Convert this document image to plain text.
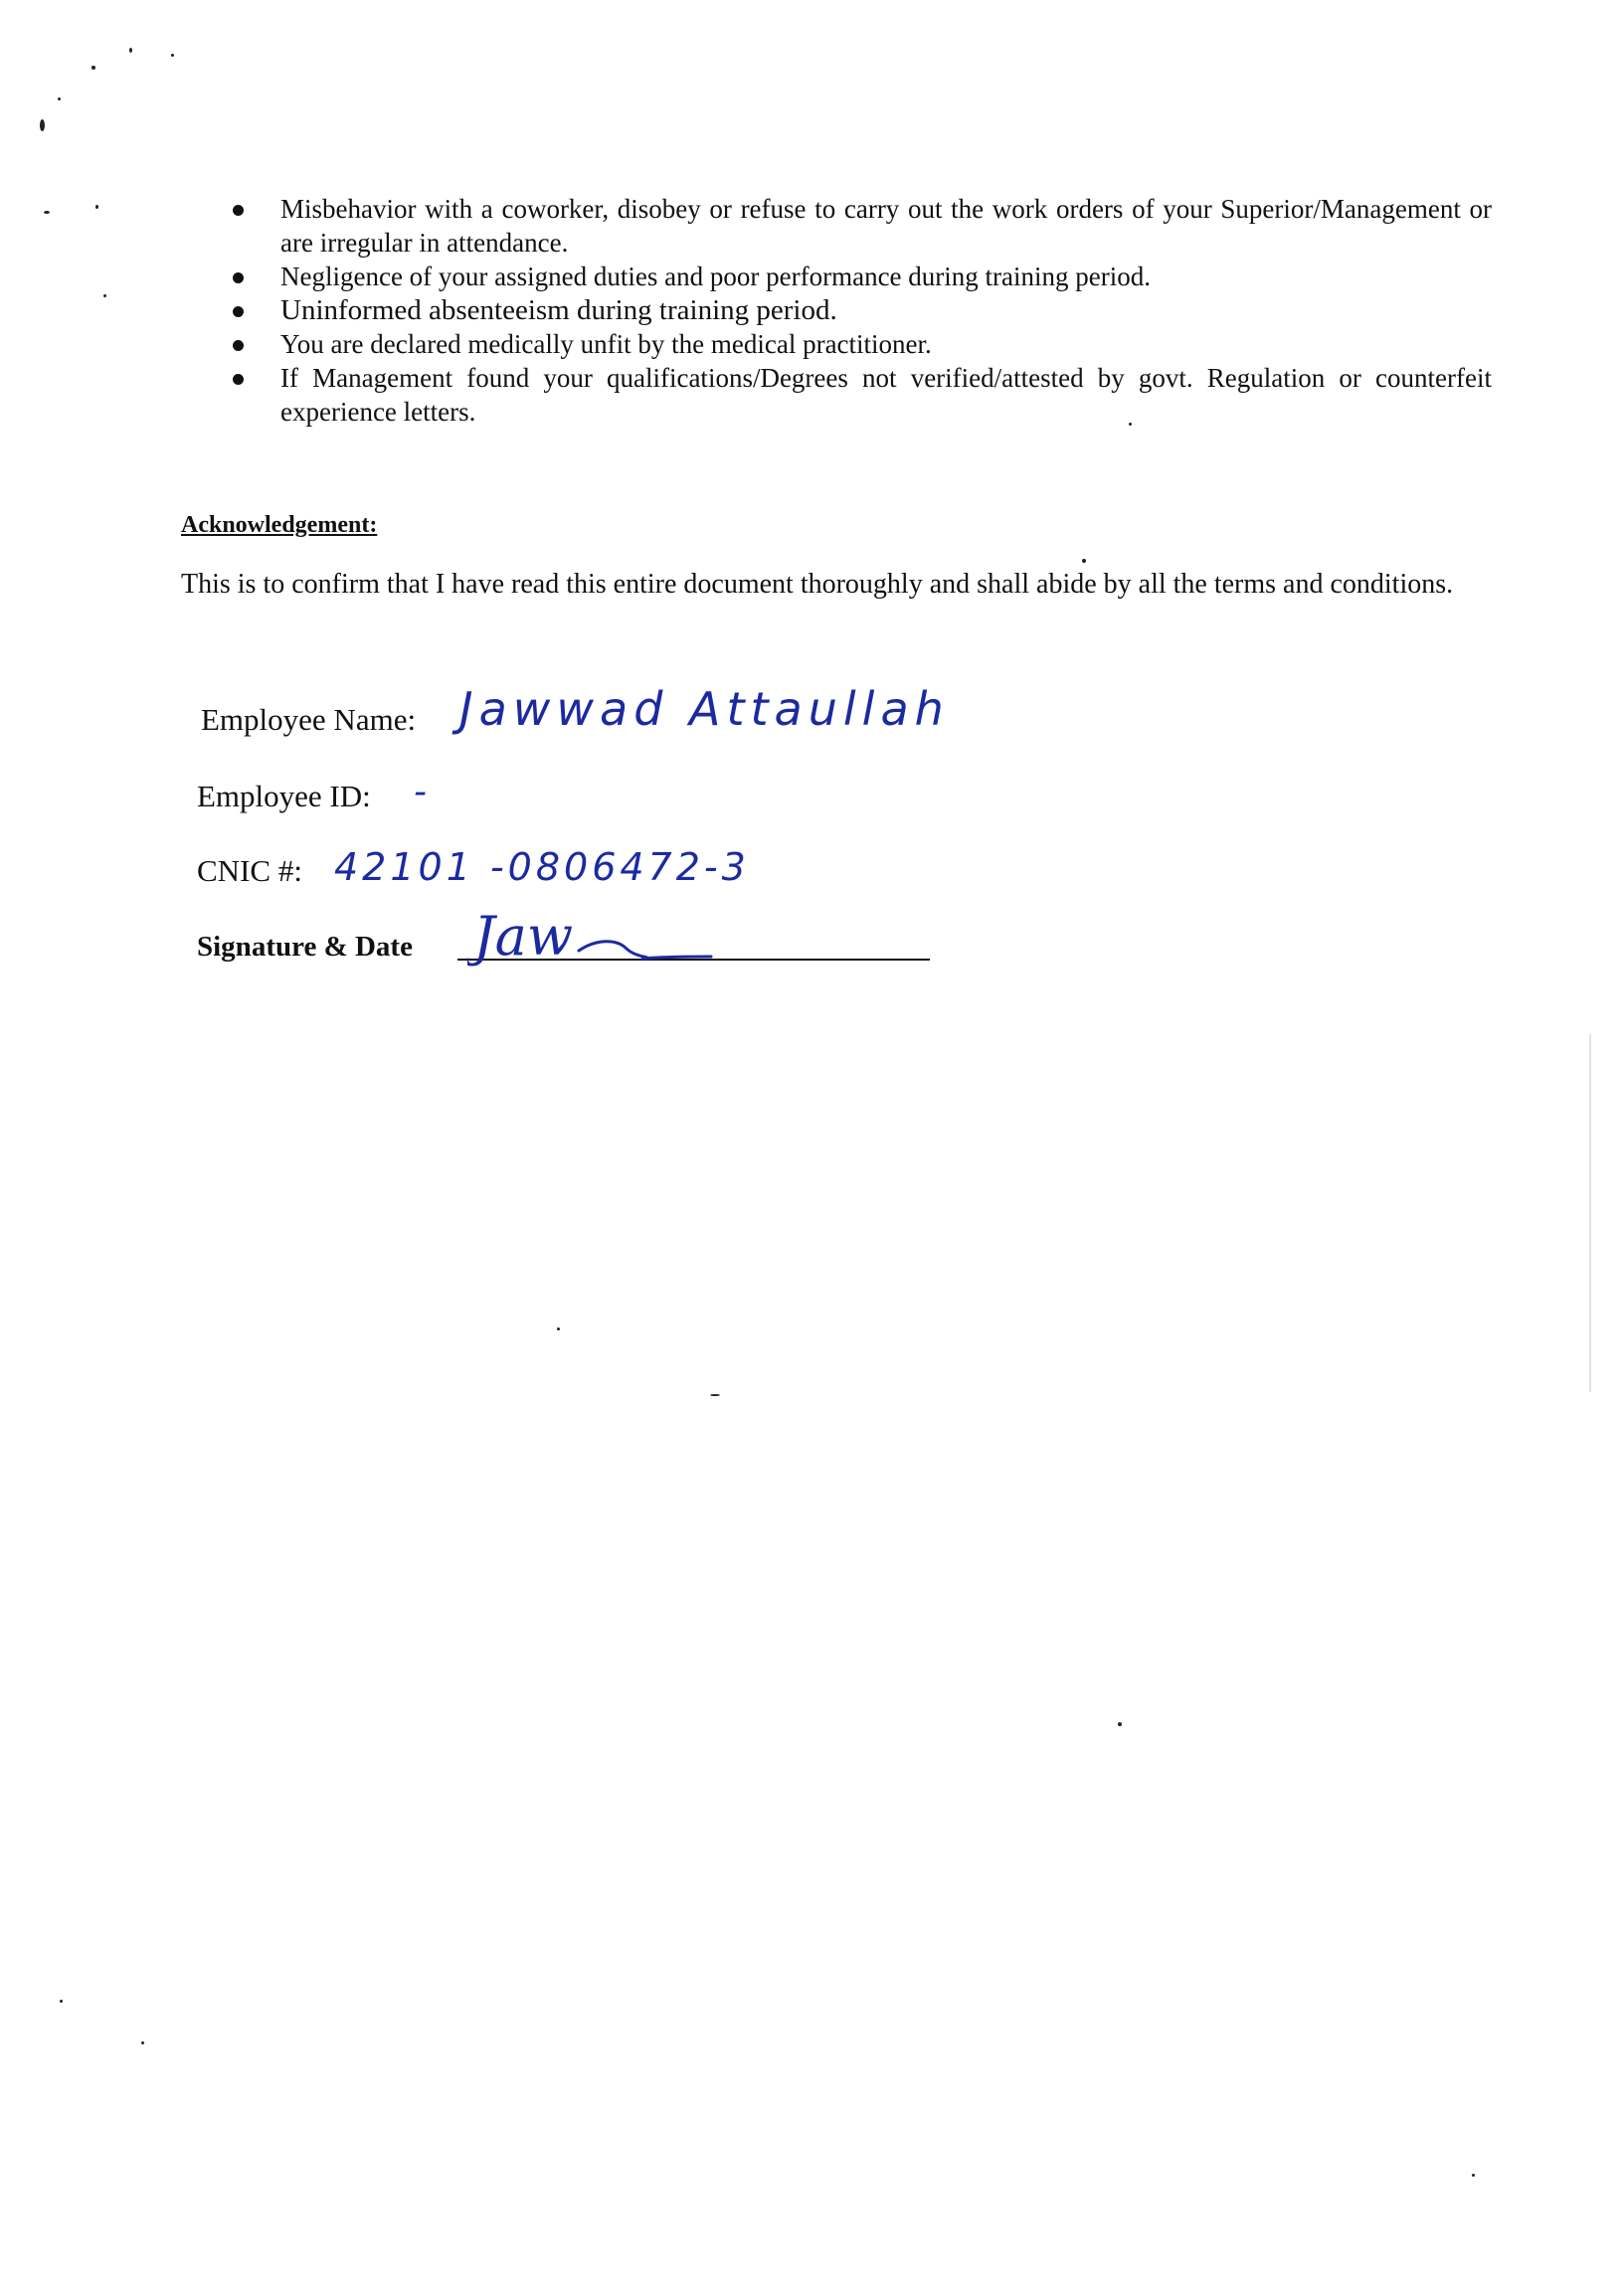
Misbehavior with a coworker, disobey or refuse to carry out the work orders of your Superior/Management or are irregular in attendance.
Negligence of your assigned duties and poor performance during training period.
Uninformed absenteeism during training period.
You are declared medically unfit by the medical practitioner.
If Management found your qualifications/Degrees not verified/attested by govt. Regulation or counterfeit experience letters.
Acknowledgement:

This is to confirm that I have read this entire document thoroughly and shall abide by all the terms and conditions.

Employee Name: Jawwad Attaullah
Employee ID: -
CNIC #: 42101 -0806472-3
Signature & Date Jaw
